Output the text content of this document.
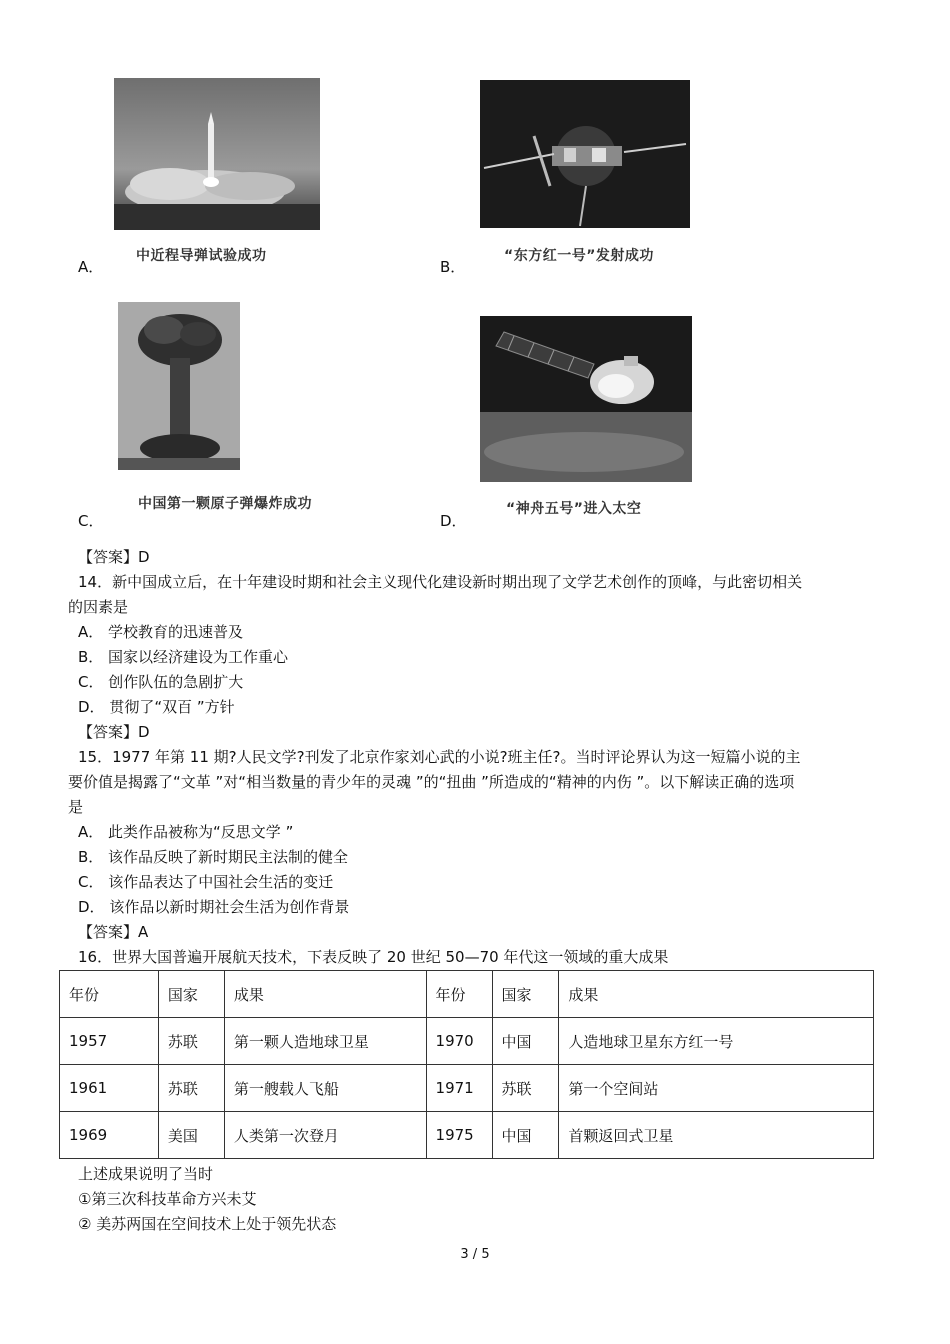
A．
中近程导弹试验成功
B．
“东方红一号”发射成功
C．
中国第一颗原子弹爆炸成功
D．
“神舟五号”进入太空
【答案】D
14．新中国成立后，在十年建设时期和社会主义现代化建设新时期出现了文学艺术创作的顶峰，与此密切相关
的因素是
A． 学校教育的迅速普及
B． 国家以经济建设为工作重心
C． 创作队伍的急剧扩大
D． 贯彻了“双百 ”方针
【答案】D
15．1977 年第 11 期?人民文学?刊发了北京作家刘心武的小说?班主任?。当时评论界认为这一短篇小说的主
要价值是揭露了“文革 ”对“相当数量的青少年的灵魂 ”的“扭曲 ”所造成的“精神的内伤 ”。以下解读正确的选项
是
A． 此类作品被称为“反思文学 ”
B． 该作品反映了新时期民主法制的健全
C． 该作品表达了中国社会生活的变迁
D． 该作品以新时期社会生活为创作背景
【答案】A
16．世界大国普遍开展航天技术，下表反映了 20 世纪 50—70 年代这一领域的重大成果
年份	国家	成果	年份	国家	成果
1957	苏联	第一颗人造地球卫星	1970	中国	人造地球卫星东方红一号
1961	苏联	第一艘载人飞船	1971	苏联	第一个空间站
1969	美国	人类第一次登月	1975	中国	首颗返回式卫星
上述成果说明了当时
①第三次科技革命方兴未艾
② 美苏两国在空间技术上处于领先状态
3 / 5
